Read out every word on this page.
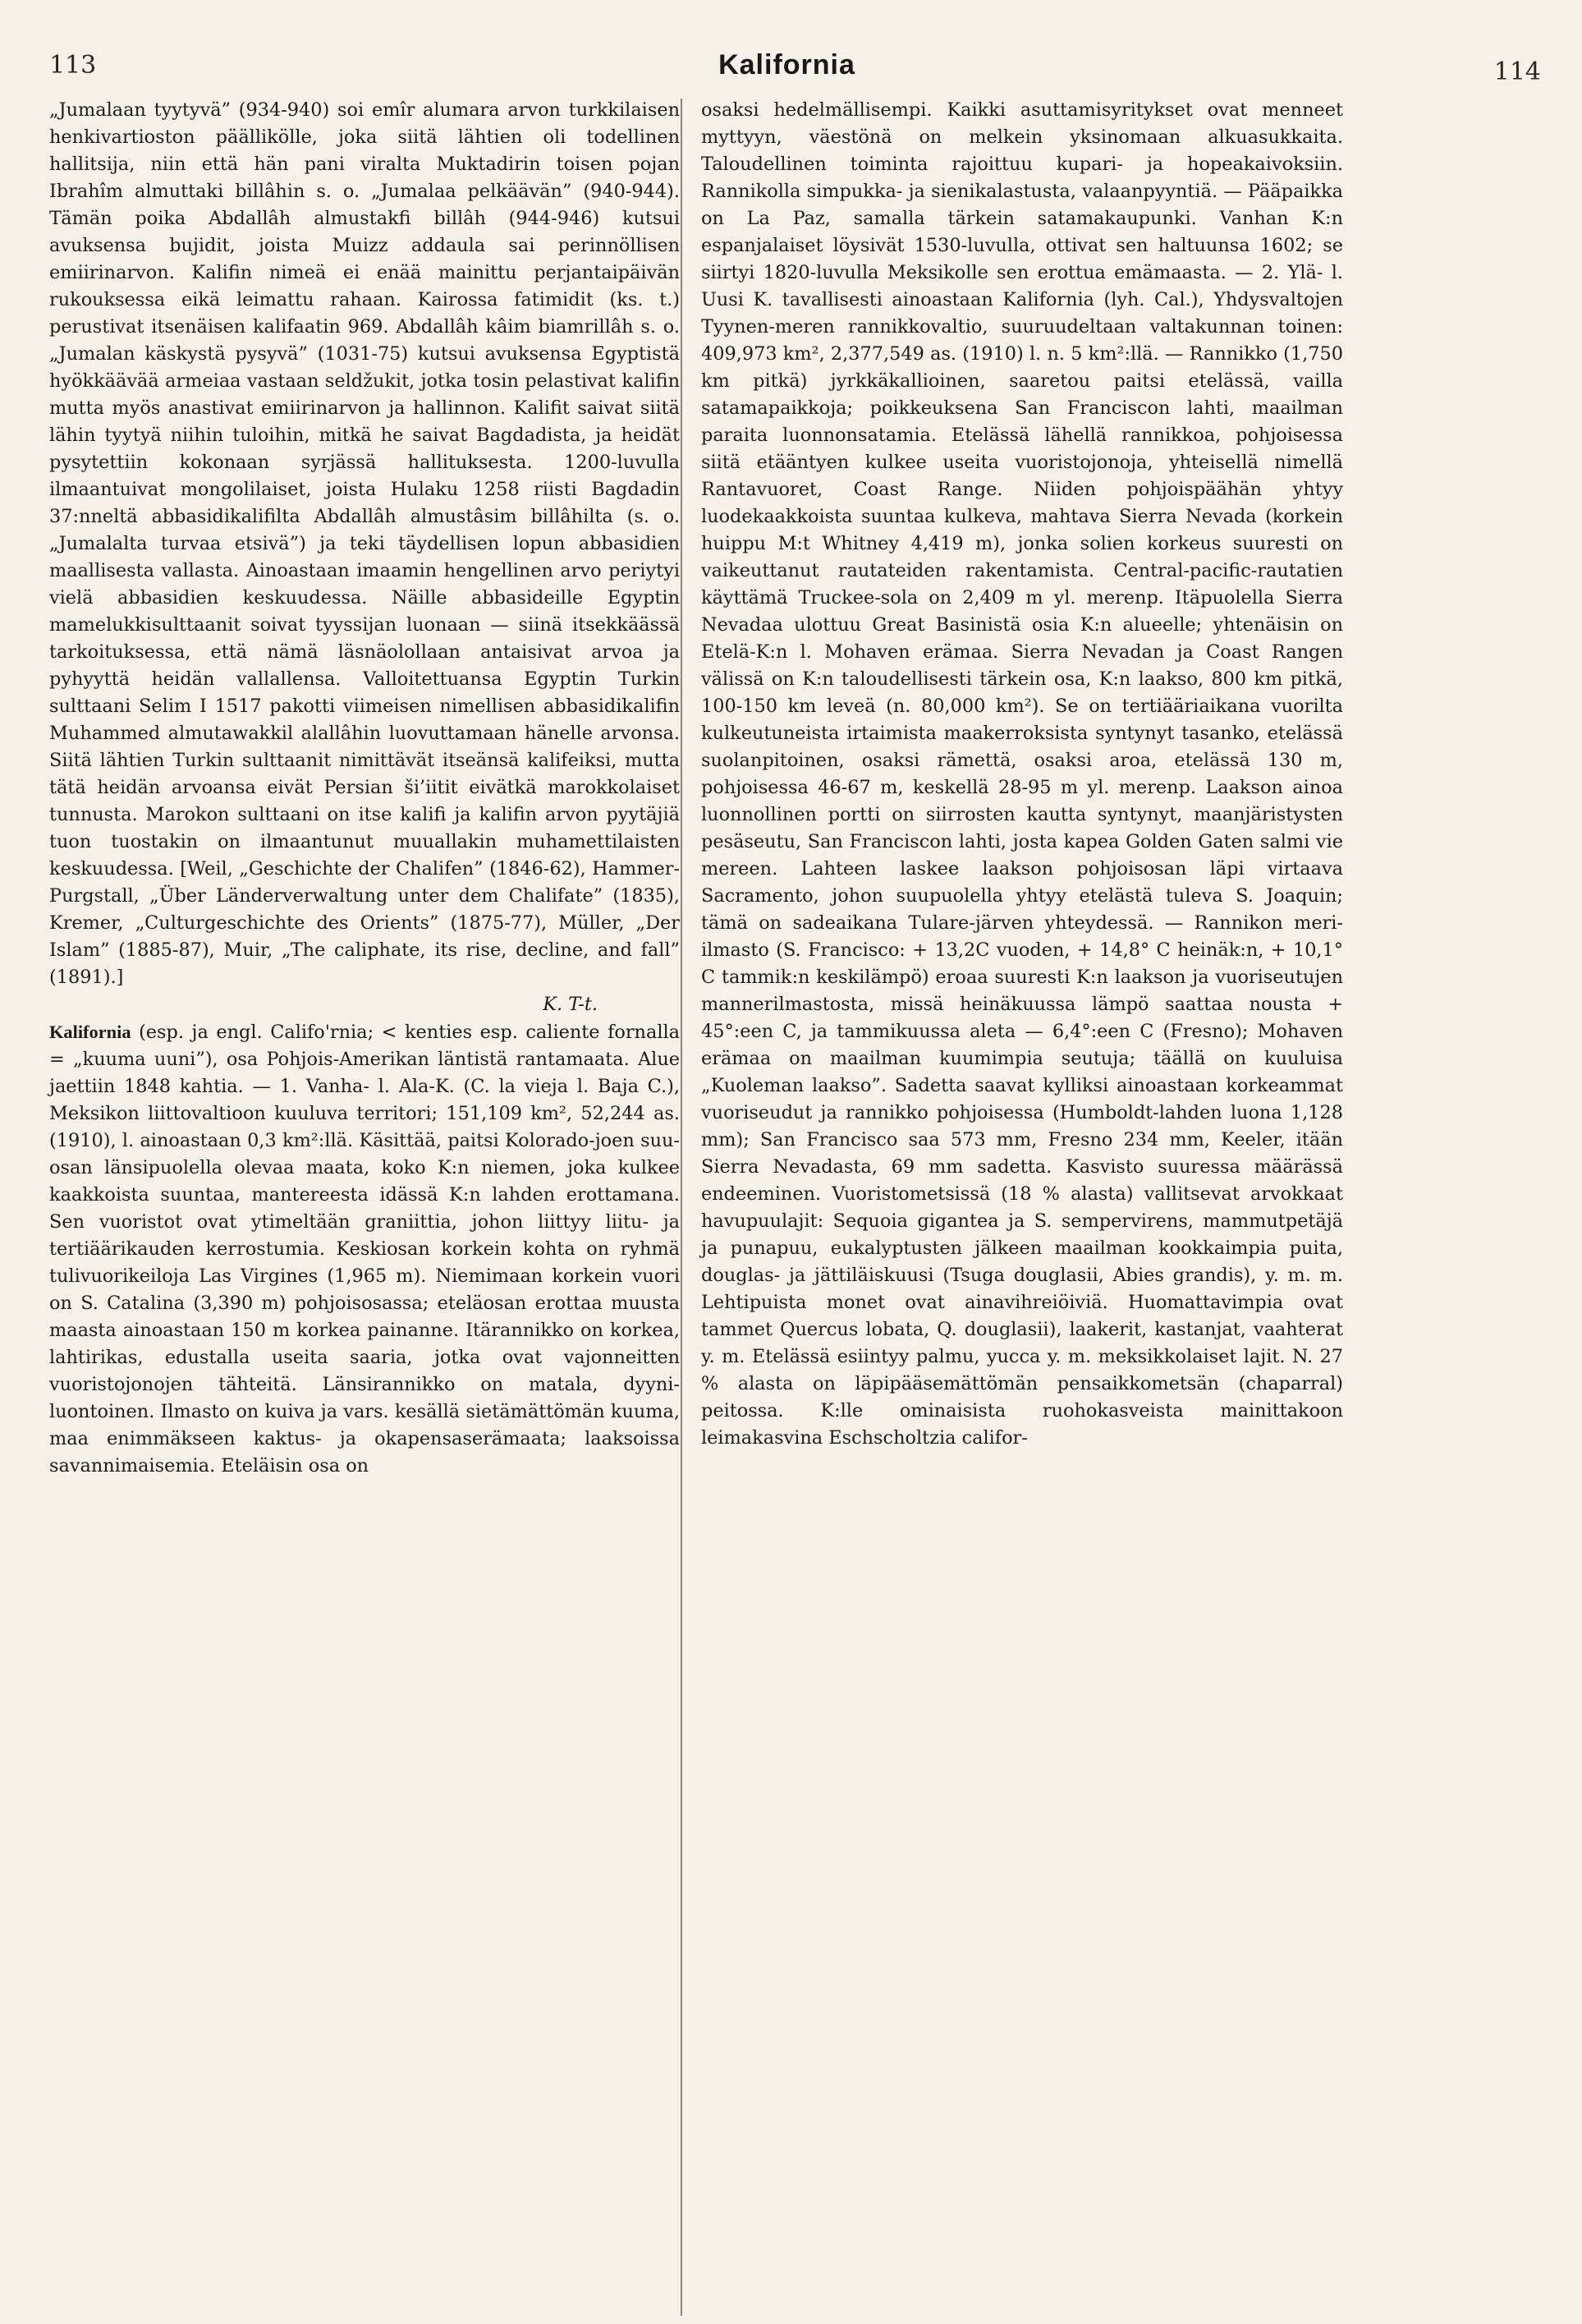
113	Kalifornia	114

„Jumalaan tyytyvä” (934-940) soi emîr alumara arvon turkkilaisen henkivartioston päällikölle, joka siitä lähtien oli todellinen hallitsija, niin että hän pani viralta Muktadirin toisen pojan Ibrahîm almuttaki billâhin s. o. „Jumalaa pelkäävän” (940-944). Tämän poika Abdallâh almustakfi billâh (944-946) kutsui avuksensa bujidit, joista Muizz addaula sai perinnöllisen emiirinarvon. Kalifin nimeä ei enää mainittu perjantaipäivän rukouksessa eikä leimattu rahaan. Kairossa fatimidit (ks. t.) perustivat itsenäisen kalifaatin 969. Abdallâh kâim biamrillâh s. o. „Jumalan käskystä pysyvä” (1031-75) kutsui avuksensa Egyptistä hyökkäävää armeiaa vastaan seldžukit, jotka tosin pelastivat kalifin mutta myös anastivat emiirinarvon ja hallinnon. Kalifit saivat siitä lähin tyytyä niihin tuloihin, mitkä he saivat Bagdadista, ja heidät pysytettiin kokonaan syrjässä hallituksesta. 1200-luvulla ilmaantuivat mongolilaiset, joista Hulaku 1258 riisti Bagdadin 37:nneltä abbasidikalifilta Abdallâh almustâsim billâhilta (s. o. „Jumalalta turvaa etsivä”) ja teki täydellisen lopun abbasidien maallisesta vallasta. Ainoastaan imaamin hengellinen arvo periytyi vielä abbasidien keskuudessa. Näille abbasideille Egyptin mamelukkisulttaanit soivat tyyssijan luonaan — siinä itsekkäässä tarkoituksessa, että nämä läsnäolollaan antaisivat arvoa ja pyhyyttä heidän vallallensa. Valloitettuansa Egyptin Turkin sulttaani Selim I 1517 pakotti viimeisen nimellisen abbasidikalifin Muhammed almutawakkil alallâhin luovuttamaan hänelle arvonsa. Siitä lähtien Turkin sulttaanit nimittävät itseänsä kalifeiksi, mutta tätä heidän arvoansa eivät Persian ši’iitit eivätkä marokkolaiset tunnusta. Marokon sulttaani on itse kalifi ja kalifin arvon pyytäjiä tuon tuostakin on ilmaantunut muuallakin muhamettilaisten keskuudessa. [Weil, „Geschichte der Chalifen” (1846-62), Hammer-Purgstall, „Über Länderverwaltung unter dem Chalifate” (1835), Kremer, „Culturgeschichte des Orients” (1875-77), Müller, „Der Islam” (1885-87), Muir, „The caliphate, its rise, decline, and fall” (1891).]

K. T-t.

Kalifornia (esp. ja engl. Califo'rnia; < kenties esp. caliente fornalla = „kuuma uuni”), osa Pohjois-Amerikan läntistä rantamaata. Alue jaettiin 1848 kahtia. — 1. Vanha- l. Ala-K. (C. la vieja l. Baja C.), Meksikon liittovaltioon kuuluva territori; 151,109 km², 52,244 as. (1910), l. ainoastaan 0,3 km²:llä. Käsittää, paitsi Kolorado-joen suu-osan länsipuolella olevaa maata, koko K:n niemen, joka kulkee kaakkoista suuntaa, mantereesta idässä K:n lahden erottamana. Sen vuoristot ovat ytimeltään graniittia, johon liittyy liitu- ja tertiäärikauden kerrostumia. Keskiosan korkein kohta on ryhmä tulivuorikeiloja Las Virgines (1,965 m). Niemimaan korkein vuori on S. Catalina (3,390 m) pohjoisosassa; eteläosan erottaa muusta maasta ainoastaan 150 m korkea painanne. Itärannikko on korkea, lahtirikas, edustalla useita saaria, jotka ovat vajonneitten vuoristojonojen tähteitä. Länsirannikko on matala, dyyni-luontoinen. Ilmasto on kuiva ja vars. kesällä sietämättömän kuuma, maa enimmäkseen kaktus- ja okapensaserämaata; laaksoissa savannimaisemia. Eteläisin osa on

osaksi hedelmällisempi. Kaikki asuttamisyritykset ovat menneet myttyyn, väestönä on melkein yksinomaan alkuasukkaita. Taloudellinen toiminta rajoittuu kupari- ja hopeakaivoksiin. Rannikolla simpukka- ja sienikalastusta, valaanpyyntiä. — Pääpaikka on La Paz, samalla tärkein satamakaupunki. Vanhan K:n espanjalaiset löysivät 1530-luvulla, ottivat sen haltuunsa 1602; se siirtyi 1820-luvulla Meksikolle sen erottua emämaasta. — 2. Ylä- l. Uusi K. tavallisesti ainoastaan Kalifornia (lyh. Cal.), Yhdysvaltojen Tyynen-meren rannikkovaltio, suuruudeltaan valtakunnan toinen: 409,973 km², 2,377,549 as. (1910) l. n. 5 km²:llä. — Rannikko (1,750 km pitkä) jyrkkäkallioinen, saaretou paitsi etelässä, vailla satamapaikkoja; poikkeuksena San Franciscon lahti, maailman paraita luonnonsatamia. Etelässä lähellä rannikkoa, pohjoisessa siitä etääntyen kulkee useita vuoristojonoja, yhteisellä nimellä Rantavuoret, Coast Range. Niiden pohjoispäähän yhtyy luodekaakkoista suuntaa kulkeva, mahtava Sierra Nevada (korkein huippu M:t Whitney 4,419 m), jonka solien korkeus suuresti on vaikeuttanut rautateiden rakentamista. Central-pacific-rautatien käyttämä Truckee-sola on 2,409 m yl. merenp. Itäpuolella Sierra Nevadaa ulottuu Great Basinistä osia K:n alueelle; yhtenäisin on Etelä-K:n l. Mohaven erämaa. Sierra Nevadan ja Coast Rangen välissä on K:n taloudellisesti tärkein osa, K:n laakso, 800 km pitkä, 100-150 km leveä (n. 80,000 km²). Se on tertiääriaikana vuorilta kulkeutuneista irtaimista maakerroksista syntynyt tasanko, etelässä suolanpitoinen, osaksi rämettä, osaksi aroa, etelässä 130 m, pohjoisessa 46-67 m, keskellä 28-95 m yl. merenp. Laakson ainoa luonnollinen portti on siirrosten kautta syntynyt, maanjäristysten pesäseutu, San Franciscon lahti, josta kapea Golden Gaten salmi vie mereen. Lahteen laskee laakson pohjoisosan läpi virtaava Sacramento, johon suupuolella yhtyy etelästä tuleva S. Joaquin; tämä on sadeaikana Tulare-järven yhteydessä. — Rannikon meri-ilmasto (S. Francisco: + 13,2C vuoden, + 14,8° C heinäk:n, + 10,1° C tammik:n keskilämpö) eroaa suuresti K:n laakson ja vuoriseutujen mannerilmastosta, missä heinäkuussa lämpö saattaa nousta + 45°:een C, ja tammikuussa aleta — 6,4°:een C (Fresno); Mohaven erämaa on maailman kuumimpia seutuja; täällä on kuuluisa „Kuoleman laakso”. Sadetta saavat kylliksi ainoastaan korkeammat vuoriseudut ja rannikko pohjoisessa (Humboldt-lahden luona 1,128 mm); San Francisco saa 573 mm, Fresno 234 mm, Keeler, itään Sierra Nevadasta, 69 mm sadetta. Kasvisto suuressa määrässä endeeminen. Vuoristometsissä (18 % alasta) vallitsevat arvokkaat havupuulajit: Sequoia gigantea ja S. sempervirens, mammutpetäjä ja punapuu, eukalyptusten jälkeen maailman kookkaimpia puita, douglas- ja jättiläiskuusi (Tsuga douglasii, Abies grandis), y. m. m. Lehtipuista monet ovat ainavihreiöiviä. Huomattavimpia ovat tammet Quercus lobata, Q. douglasii), laakerit, kastanjat, vaahterat y. m. Etelässä esiintyy palmu, yucca y. m. meksikkolaiset lajit. N. 27 % alasta on läpipääsemättömän pensaikkometsän (chaparral) peitossa. K:lle ominaisista ruohokasveista mainittakoon leimakasvina Eschscholtzia califor-
